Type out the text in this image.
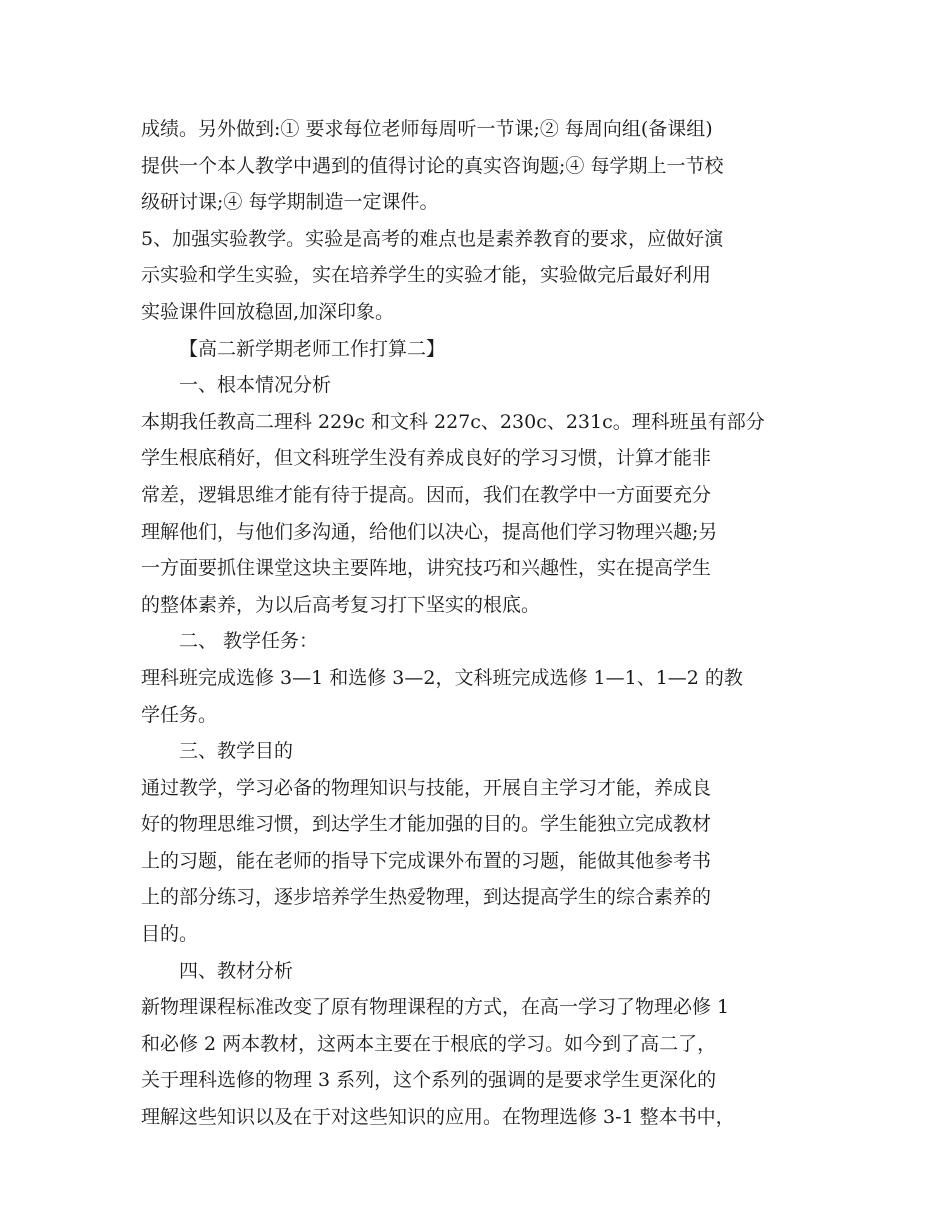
成绩。另外做到:① 要求每位老师每周听一节课;② 每周向组(备课组)
提供一个本人教学中遇到的值得讨论的真实咨询题;④ 每学期上一节校
级研讨课;④ 每学期制造一定课件。
5、加强实验教学。实验是高考的难点也是素养教育的要求，应做好演
示实验和学生实验，实在培养学生的实验才能，实验做完后最好利用
实验课件回放稳固,加深印象。
【高二新学期老师工作打算二】
一、根本情况分析
本期我任教高二理科 229c 和文科 227c、230c、231c。理科班虽有部分
学生根底稍好，但文科班学生没有养成良好的学习习惯，计算才能非
常差，逻辑思维才能有待于提高。因而，我们在教学中一方面要充分
理解他们，与他们多沟通，给他们以决心，提高他们学习物理兴趣;另
一方面要抓住课堂这块主要阵地，讲究技巧和兴趣性，实在提高学生
的整体素养，为以后高考复习打下坚实的根底。
二、 教学任务：
理科班完成选修 3—1 和选修 3—2，文科班完成选修 1—1、1—2 的教
学任务。
三、教学目的
通过教学，学习必备的物理知识与技能，开展自主学习才能，养成良
好的物理思维习惯，到达学生才能加强的目的。学生能独立完成教材
上的习题，能在老师的指导下完成课外布置的习题，能做其他参考书
上的部分练习，逐步培养学生热爱物理，到达提高学生的综合素养的
目的。
四、教材分析
新物理课程标准改变了原有物理课程的方式，在高一学习了物理必修 1
和必修 2 两本教材，这两本主要在于根底的学习。如今到了高二了，
关于理科选修的物理 3 系列，这个系列的强调的是要求学生更深化的
理解这些知识以及在于对这些知识的应用。在物理选修 3-1 整本书中，
